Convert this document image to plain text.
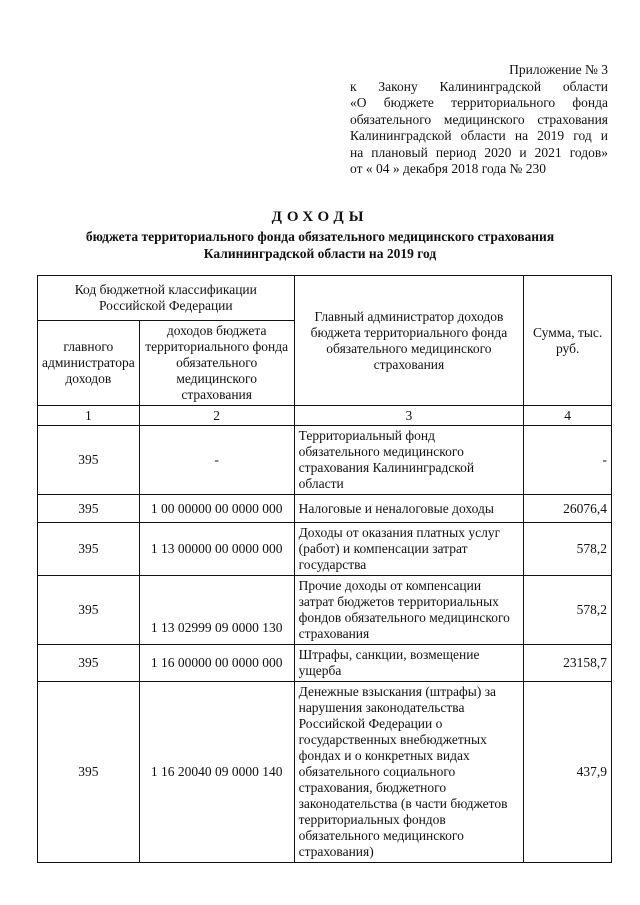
Приложение № 3
к Закону Калининградской области
«О бюджете территориального фонда
обязательного медицинского страхования
Калининградской области на 2019 год и
на плановый период 2020 и 2021 годов»
от « 04 » декабря 2018 года № 230
ДОХОДЫ
бюджета территориального фонда обязательного медицинского страхования
Калининградской области на 2019 год
Код бюджетной классификации Российской Федерации		Главный администратор доходов бюджета территориального фонда обязательного медицинского страхования	Сумма, тыс. руб.
главного администратора доходов	доходов бюджета территориального фонда обязательного медицинского страхования		
1	2	3	4
395	-	Территориальный фонд обязательного медицинского страхования Калининградской области	-
395	1 00 00000 00 0000 000	Налоговые и неналоговые доходы	26076,4
395	1 13 00000 00 0000 000	Доходы от оказания платных услуг (работ) и компенсации затрат государства	578,2
395	1 13 02999 09 0000 130	Прочие доходы от компенсации затрат бюджетов территориальных фондов обязательного медицинского страхования	578,2
395	1 16 00000 00 0000 000	Штрафы, санкции, возмещение ущерба	23158,7
395	1 16 20040 09 0000 140	Денежные взыскания (штрафы) за нарушения законодательства Российской Федерации о государственных внебюджетных фондах и о конкретных видах обязательного социального страхования, бюджетного законодательства (в части бюджетов территориальных фондов обязательного медицинского страхования)	437,9
